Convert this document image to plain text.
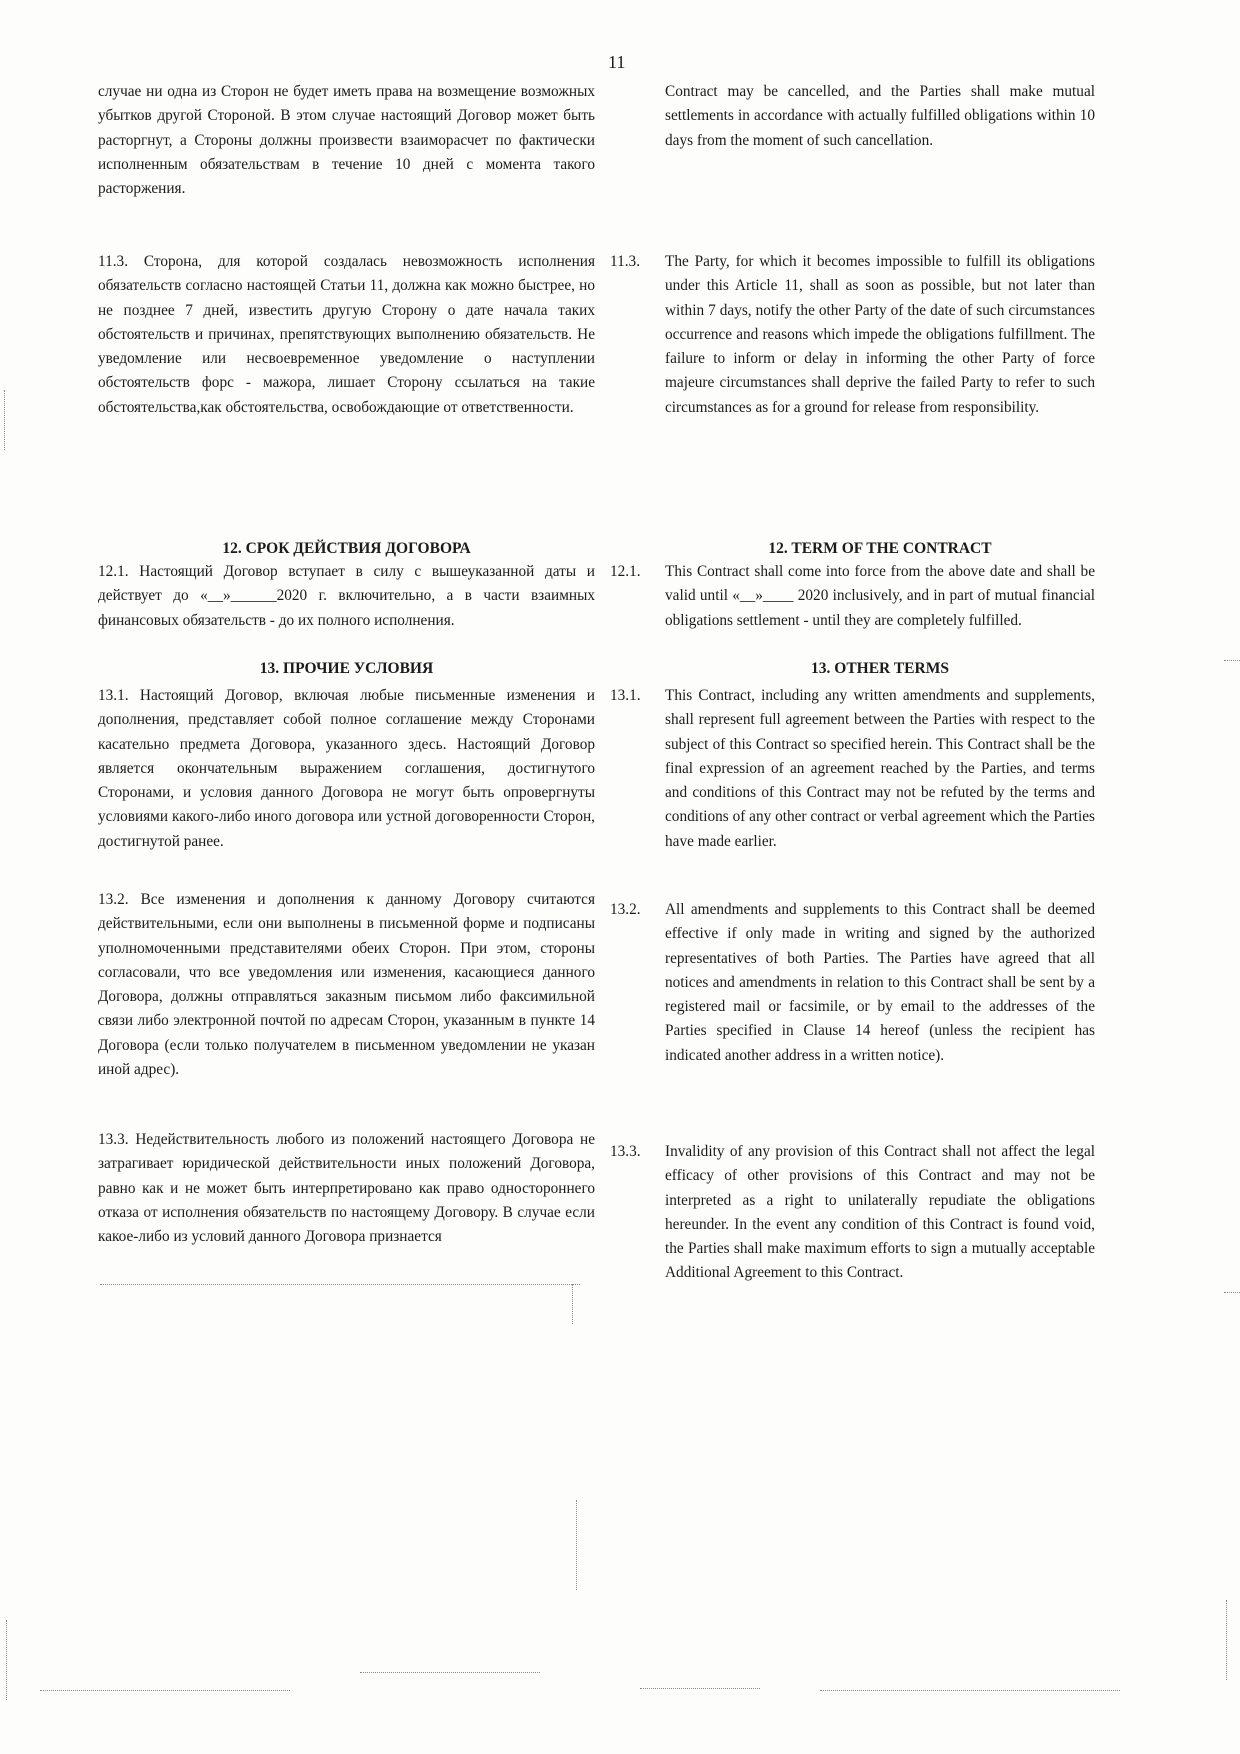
11

случае ни одна из Сторон не будет иметь права на возмещение возможных убытков другой Стороной. В этом случае настоящий Договор может быть расторгнут, а Стороны должны произвести взаиморасчет по фактически исполненным обязательствам в течение 10 дней с момента такого расторжения.

11.3. Сторона, для которой создалась невозможность исполнения обязательств согласно настоящей Статьи 11, должна как можно быстрее, но не позднее 7 дней, известить другую Сторону о дате начала таких обстоятельств и причинах, препятствующих выполнению обязательств. Не уведомление или несвоевременное уведомление о наступлении обстоятельств форс - мажора, лишает Сторону ссылаться на такие обстоятельства,как обстоятельства, освобождающие от ответственности.

12. СРОК ДЕЙСТВИЯ ДОГОВОРА

12.1. Настоящий Договор вступает в силу с вышеуказанной даты и действует до «__»______2020 г. включительно, а в части взаимных финансовых обязательств - до их полного исполнения.

13. ПРОЧИЕ УСЛОВИЯ

13.1. Настоящий Договор, включая любые письменные изменения и дополнения, представляет собой полное соглашение между Сторонами касательно предмета Договора, указанного здесь. Настоящий Договор является окончательным выражением соглашения, достигнутого Сторонами, и условия данного Договора не могут быть опровергнуты условиями какого-либо иного договора или устной договоренности Сторон, достигнутой ранее.

13.2. Все изменения и дополнения к данному Договору считаются действительными, если они выполнены в письменной форме и подписаны уполномоченными представителями обеих Сторон. При этом, стороны согласовали, что все уведомления или изменения, касающиеся данного Договора, должны отправляться заказным письмом либо факсимильной связи либо электронной почтой по адресам Сторон, указанным в пункте 14 Договора (если только получателем в письменном уведомлении не указан иной адрес).

13.3. Недействительность любого из положений настоящего Договора не затрагивает юридической действительности иных положений Договора, равно как и не может быть интерпретировано как право одностороннего отказа от исполнения обязательств по настоящему Договору. В случае если какое-либо из условий данного Договора признается

Contract may be cancelled, and the Parties shall make mutual settlements in accordance with actually fulfilled obligations within 10 days from the moment of such cancellation.

11.3. The Party, for which it becomes impossible to fulfill its obligations under this Article 11, shall as soon as possible, but not later than within 7 days, notify the other Party of the date of such circumstances occurrence and reasons which impede the obligations fulfillment. The failure to inform or delay in informing the other Party of force majeure circumstances shall deprive the failed Party to refer to such circumstances as for a ground for release from responsibility.

12. TERM OF THE CONTRACT
12.1. This Contract shall come into force from the above date and shall be valid until «__»____ 2020 inclusively, and in part of mutual financial obligations settlement - until they are completely fulfilled.

13. OTHER TERMS
13.1. This Contract, including any written amendments and supplements, shall represent full agreement between the Parties with respect to the subject of this Contract so specified herein. This Contract shall be the final expression of an agreement reached by the Parties, and terms and conditions of this Contract may not be refuted by the terms and conditions of any other contract or verbal agreement which the Parties have made earlier.

13.2. All amendments and supplements to this Contract shall be deemed effective if only made in writing and signed by the authorized representatives of both Parties. The Parties have agreed that all notices and amendments in relation to this Contract shall be sent by a registered mail or facsimile, or by email to the addresses of the Parties specified in Clause 14 hereof (unless the recipient has indicated another address in a written notice).

13.3. Invalidity of any provision of this Contract shall not affect the legal efficacy of other provisions of this Contract and may not be interpreted as a right to unilaterally repudiate the obligations hereunder. In the event any condition of this Contract is found void, the Parties shall make maximum efforts to sign a mutually acceptable Additional Agreement to this Contract.
